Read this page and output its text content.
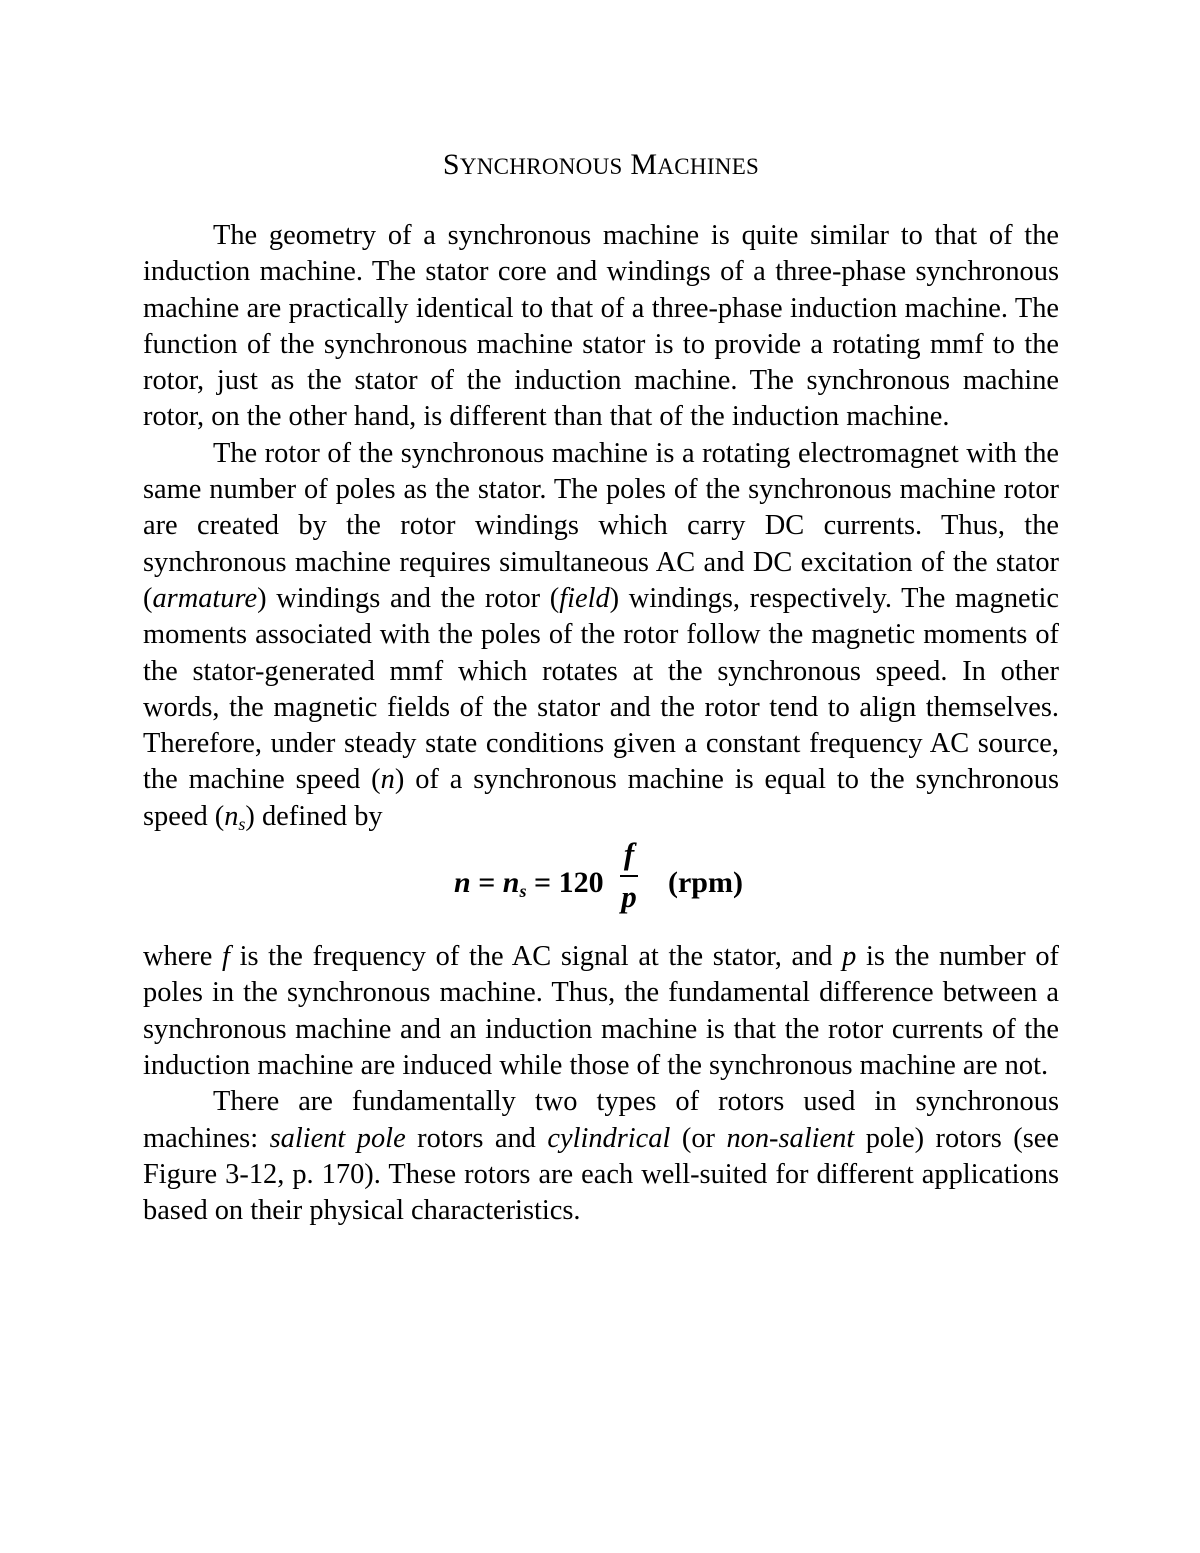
SYNCHRONOUS MACHINES

The geometry of a synchronous machine is quite similar to that of the induction machine. The stator core and windings of a three-phase synchronous machine are practically identical to that of a three-phase induction machine. The function of the synchronous machine stator is to provide a rotating mmf to the rotor, just as the stator of the induction machine. The synchronous machine rotor, on the other hand, is different than that of the induction machine.

The rotor of the synchronous machine is a rotating electromagnet with the same number of poles as the stator. The poles of the synchronous machine rotor are created by the rotor windings which carry DC currents. Thus, the synchronous machine requires simultaneous AC and DC excitation of the stator (armature) windings and the rotor (field) windings, respectively. The magnetic moments associated with the poles of the rotor follow the magnetic moments of the stator-generated mmf which rotates at the synchronous speed. In other words, the magnetic fields of the stator and the rotor tend to align themselves. Therefore, under steady state conditions given a constant frequency AC source, the machine speed (n) of a synchronous machine is equal to the synchronous speed $(n_s)$ defined by

$n = n_s = 120$
f
p (rpm)

where f is the frequency of the AC signal at the stator, and p is the number of poles in the synchronous machine. Thus, the fundamental difference between a synchronous machine and an induction machine is that the rotor currents of the induction machine are induced while those of the synchronous machine are not.

There are fundamentally two types of rotors used in synchronous machines: salient pole rotors and cylindrical (or non-salient pole) rotors (see Figure 3-12, p. 170). These rotors are each well-suited for different applications based on their physical characteristics.
